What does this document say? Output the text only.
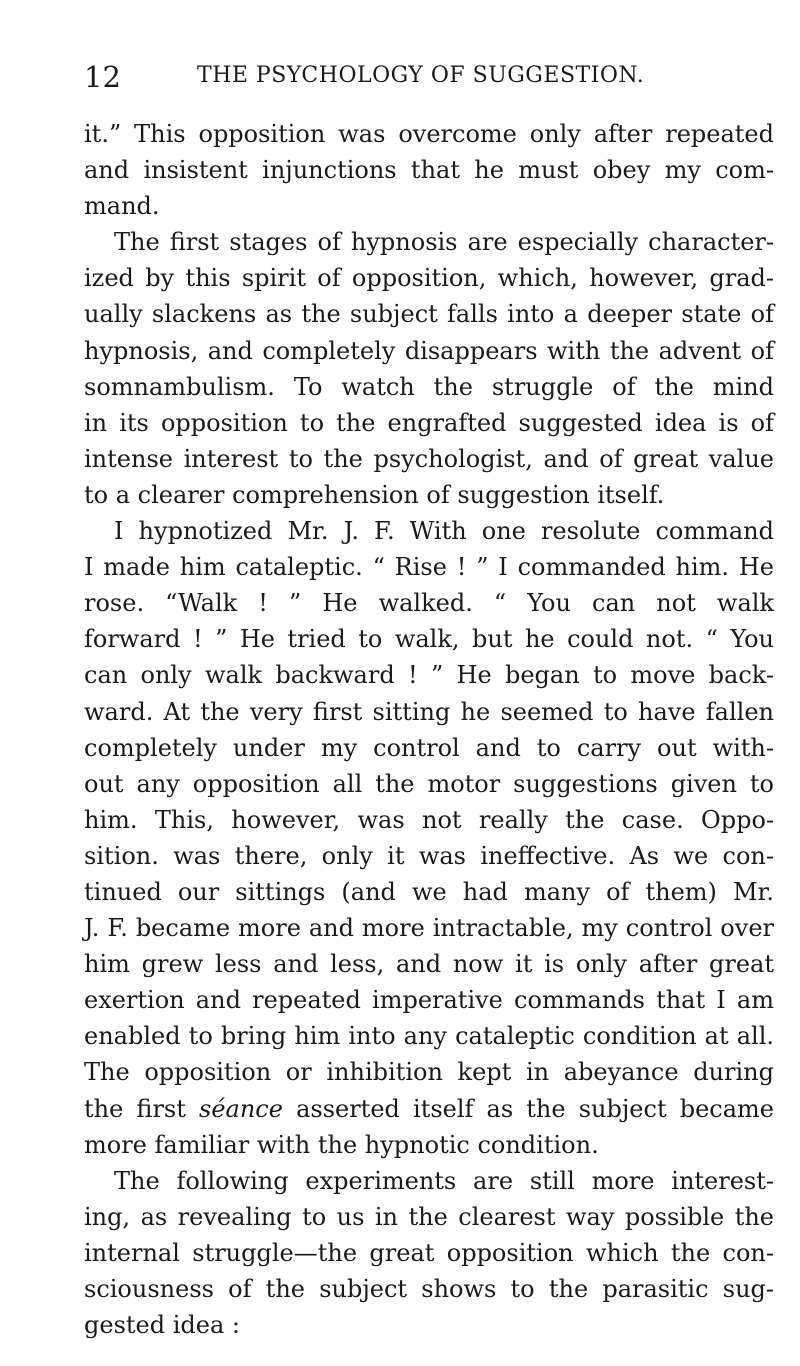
12	THE PSYCHOLOGY OF SUGGESTION.
it.” This opposition was overcome only after repeated
and insistent injunctions that he must obey my com-
mand.
The first stages of hypnosis are especially character-
ized by this spirit of opposition, which, however, grad-
ually slackens as the subject falls into a deeper state of
hypnosis, and completely disappears with the advent of
somnambulism. To watch the struggle of the mind
in its opposition to the engrafted suggested idea is of
intense interest to the psychologist, and of great value
to a clearer comprehension of suggestion itself.
I hypnotized Mr. J. F. With one resolute command
I made him cataleptic. “ Rise ! ” I commanded him. He
rose. “Walk ! ” He walked. “ You can not walk
forward ! ” He tried to walk, but he could not. “ You
can only walk backward ! ” He began to move back-
ward. At the very first sitting he seemed to have fallen
completely under my control and to carry out with-
out any opposition all the motor suggestions given to
him. This, however, was not really the case. Oppo-
sition. was there, only it was ineffective. As we con-
tinued our sittings (and we had many of them) Mr.
J. F. became more and more intractable, my control over
him grew less and less, and now it is only after great
exertion and repeated imperative commands that I am
enabled to bring him into any cataleptic condition at all.
The opposition or inhibition kept in abeyance during
the first séance asserted itself as the subject became
more familiar with the hypnotic condition.
The following experiments are still more interest-
ing, as revealing to us in the clearest way possible the
internal struggle—the great opposition which the con-
sciousness of the subject shows to the parasitic sug-
gested idea :
